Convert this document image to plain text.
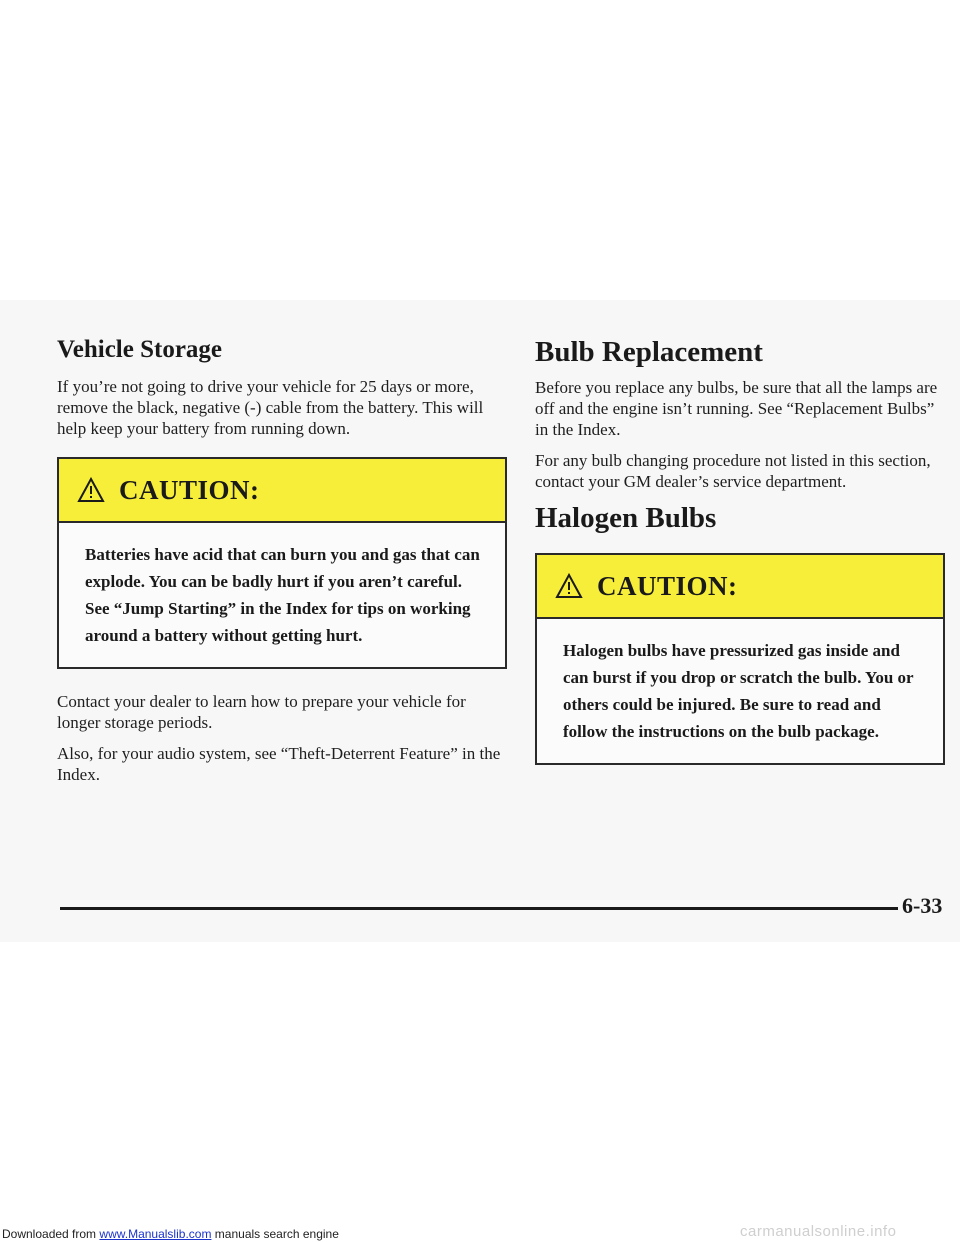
Vehicle Storage

If you’re not going to drive your vehicle for 25 days or more, remove the black, negative (-) cable from the battery. This will help keep your battery from running down.

CAUTION:
Batteries have acid that can burn you and gas that can explode. You can be badly hurt if you aren’t careful. See “Jump Starting” in the Index for tips on working around a battery without getting hurt.

Contact your dealer to learn how to prepare your vehicle for longer storage periods.

Also, for your audio system, see “Theft-Deterrent Feature” in the Index.

Bulb Replacement

Before you replace any bulbs, be sure that all the lamps are off and the engine isn’t running. See “Replacement Bulbs” in the Index.

For any bulb changing procedure not listed in this section, contact your GM dealer’s service department.

Halogen Bulbs
CAUTION:
Halogen bulbs have pressurized gas inside and can burst if you drop or scratch the bulb. You or others could be injured. Be sure to read and follow the instructions on the bulb package.
6-33
Downloaded from www.Manualslib.com manuals search engine	carmanualsonline.info
